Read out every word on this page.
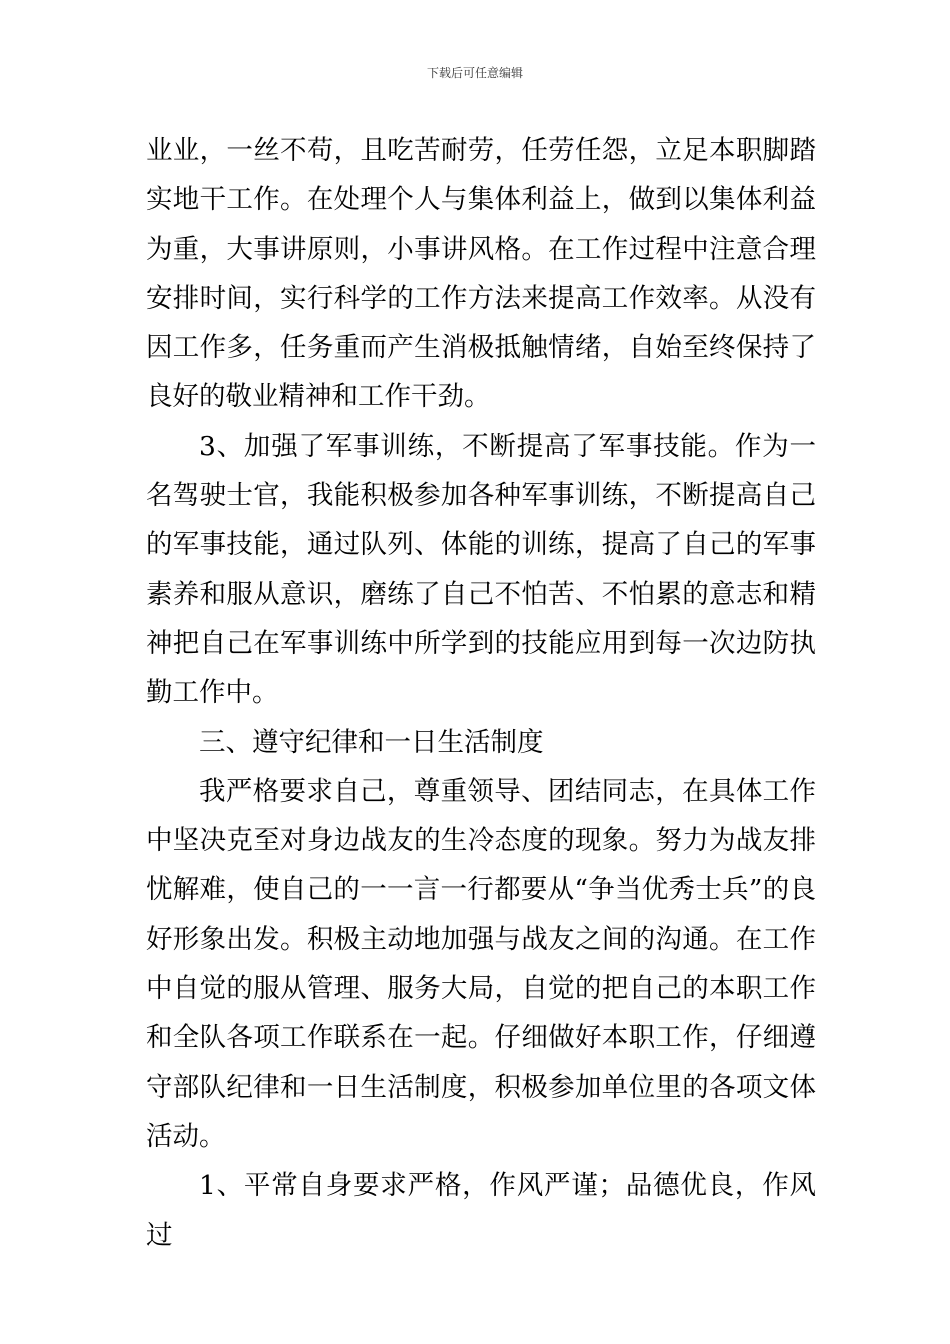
下载后可任意编辑

业业，一丝不苟，且吃苦耐劳，任劳任怨，立足本职脚踏实地干工作。在处理个人与集体利益上，做到以集体利益为重，大事讲原则，小事讲风格。在工作过程中注意合理安排时间，实行科学的工作方法来提高工作效率。从没有因工作多，任务重而产生消极抵触情绪，自始至终保持了良好的敬业精神和工作干劲。

3、加强了军事训练，不断提高了军事技能。作为一名驾驶士官，我能积极参加各种军事训练，不断提高自己的军事技能，通过队列、体能的训练，提高了自己的军事素养和服从意识，磨练了自己不怕苦、不怕累的意志和精神把自己在军事训练中所学到的技能应用到每一次边防执勤工作中。

三、遵守纪律和一日生活制度

我严格要求自己，尊重领导、团结同志，在具体工作中坚决克至对身边战友的生冷态度的现象。努力为战友排忧解难，使自己的一一言一行都要从“争当优秀士兵”的良好形象出发。积极主动地加强与战友之间的沟通。在工作中自觉的服从管理、服务大局，自觉的把自己的本职工作和全队各项工作联系在一起。仔细做好本职工作，仔细遵守部队纪律和一日生活制度，积极参加单位里的各项文体活动。

1、平常自身要求严格，作风严谨；品德优良，作风过
